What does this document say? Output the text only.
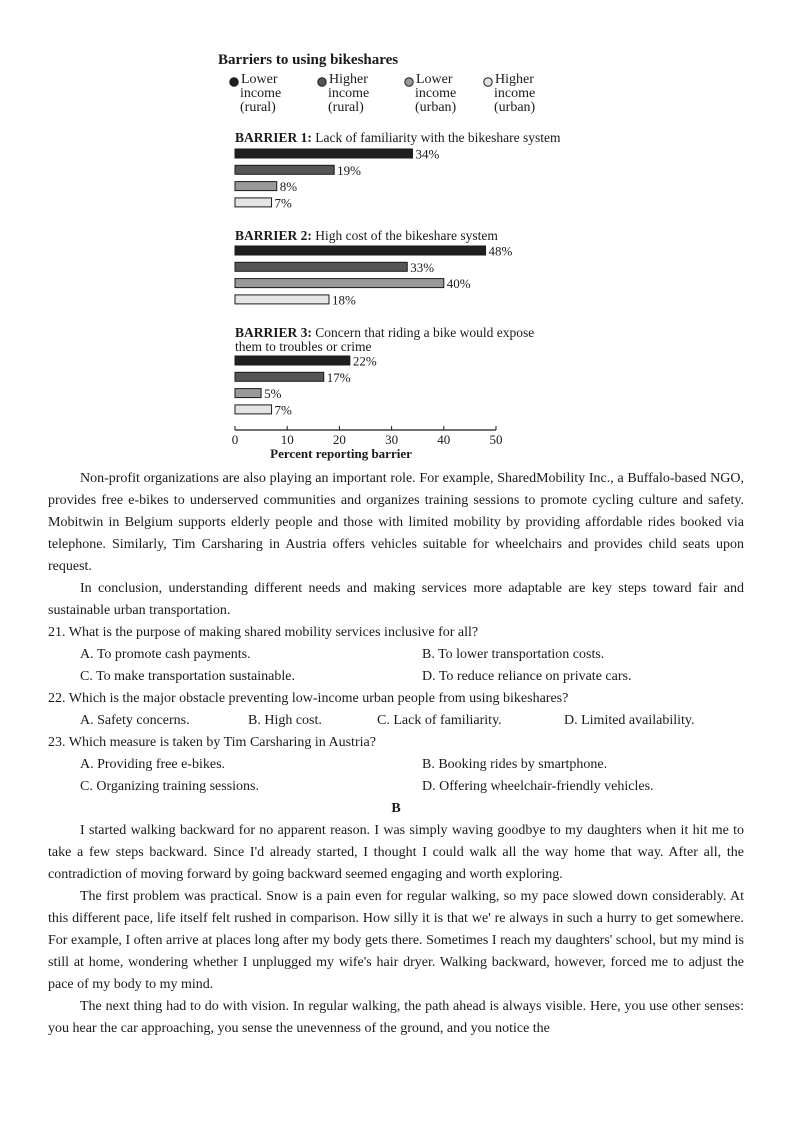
Barriers to using bikeshares
Lower income (rural)
Higher income (rural)
Lower income (urban)
Higher income (urban)
BARRIER 1: Lack of familiarity with the bikeshare system
34%
19%
8%
7%
BARRIER 2: High cost of the bikeshare system
48%
33%
40%
18%
BARRIER 3: Concern that riding a bike would expose them to troubles or crime
22%
17%
5%
7%
0	10	20	30	40	50
Percent reporting barrier

Non-profit organizations are also playing an important role. For example, SharedMobility Inc., a Buffalo-based NGO, provides free e-bikes to underserved communities and organizes training sessions to promote cycling culture and safety. Mobitwin in Belgium supports elderly people and those with limited mobility by providing affordable rides booked via telephone. Similarly, Tim Carsharing in Austria offers vehicles suitable for wheelchairs and provides child seats upon request.

In conclusion, understanding different needs and making services more adaptable are key steps toward fair and sustainable urban transportation.

21. What is the purpose of making shared mobility services inclusive for all?

A. To promote cash payments.	B. To lower transportation costs.
C. To make transportation sustainable.	D. To reduce reliance on private cars.

22. Which is the major obstacle preventing low-income urban people from using bikeshares?

A. Safety concerns.	B. High cost.	C. Lack of familiarity.	D. Limited availability.

23. Which measure is taken by Tim Carsharing in Austria?

A. Providing free e-bikes.	B. Booking rides by smartphone.
C. Organizing training sessions.	D. Offering wheelchair-friendly vehicles.

B

I started walking backward for no apparent reason. I was simply waving goodbye to my daughters when it hit me to take a few steps backward. Since I'd already started, I thought I could walk all the way home that way. After all, the contradiction of moving forward by going backward seemed engaging and worth exploring.

The first problem was practical. Snow is a pain even for regular walking, so my pace slowed down considerably. At this different pace, life itself felt rushed in comparison. How silly it is that we' re always in such a hurry to get somewhere. For example, I often arrive at places long after my body gets there. Sometimes I reach my daughters' school, but my mind is still at home, wondering whether I unplugged my wife's hair dryer. Walking backward, however, forced me to adjust the pace of my body to my mind.

The next thing had to do with vision. In regular walking, the path ahead is always visible. Here, you use other senses: you hear the car approaching, you sense the unevenness of the ground, and you notice the
